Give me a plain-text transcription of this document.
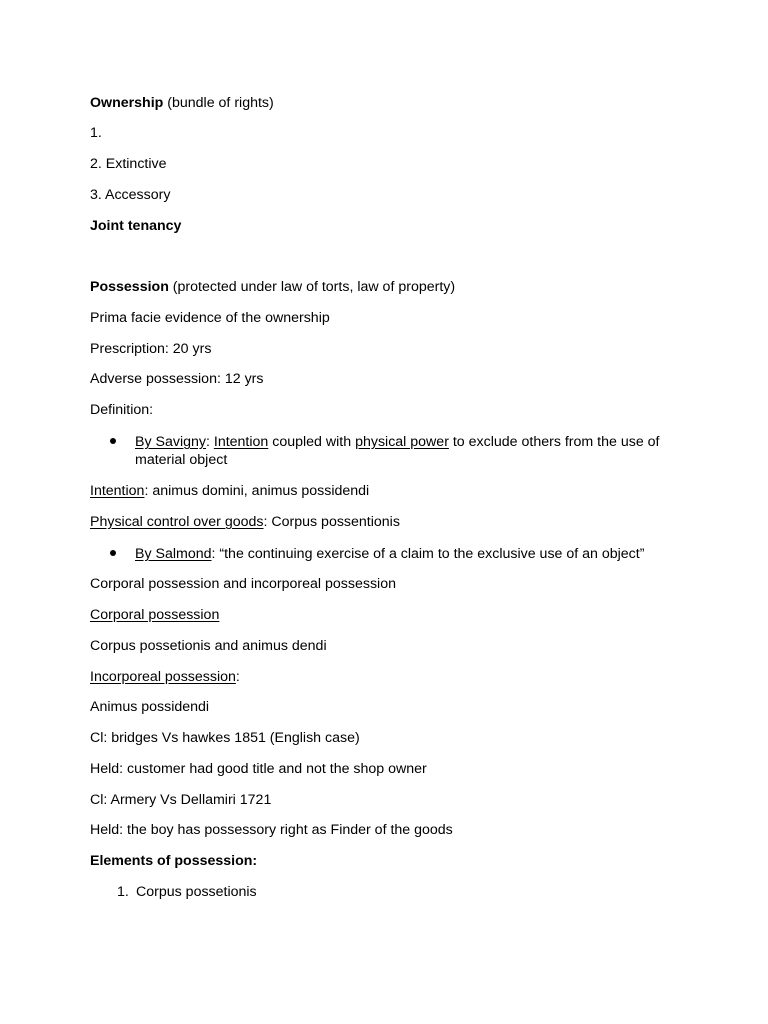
Ownership (bundle of rights)
1.
2. Extinctive
3. Accessory
Joint tenancy
Possession (protected under law of torts, law of property)
Prima facie evidence of the ownership
Prescription: 20 yrs
Adverse possession: 12 yrs
Definition:
By Savigny: Intention coupled with physical power to exclude others from the use of material object
Intention: animus domini, animus possidendi
Physical control over goods: Corpus possentionis
By Salmond: “the continuing exercise of a claim to the exclusive use of an object”
Corporal possession and incorporeal possession
Corporal possession
Corpus possetionis and animus dendi
Incorporeal possession:
Animus possidendi
Cl: bridges Vs hawkes 1851 (English case)
Held: customer had good title and not the shop owner
Cl: Armery Vs Dellamiri 1721
Held: the boy has possessory right as Finder of the goods
Elements of possession:
1. Corpus possetionis
